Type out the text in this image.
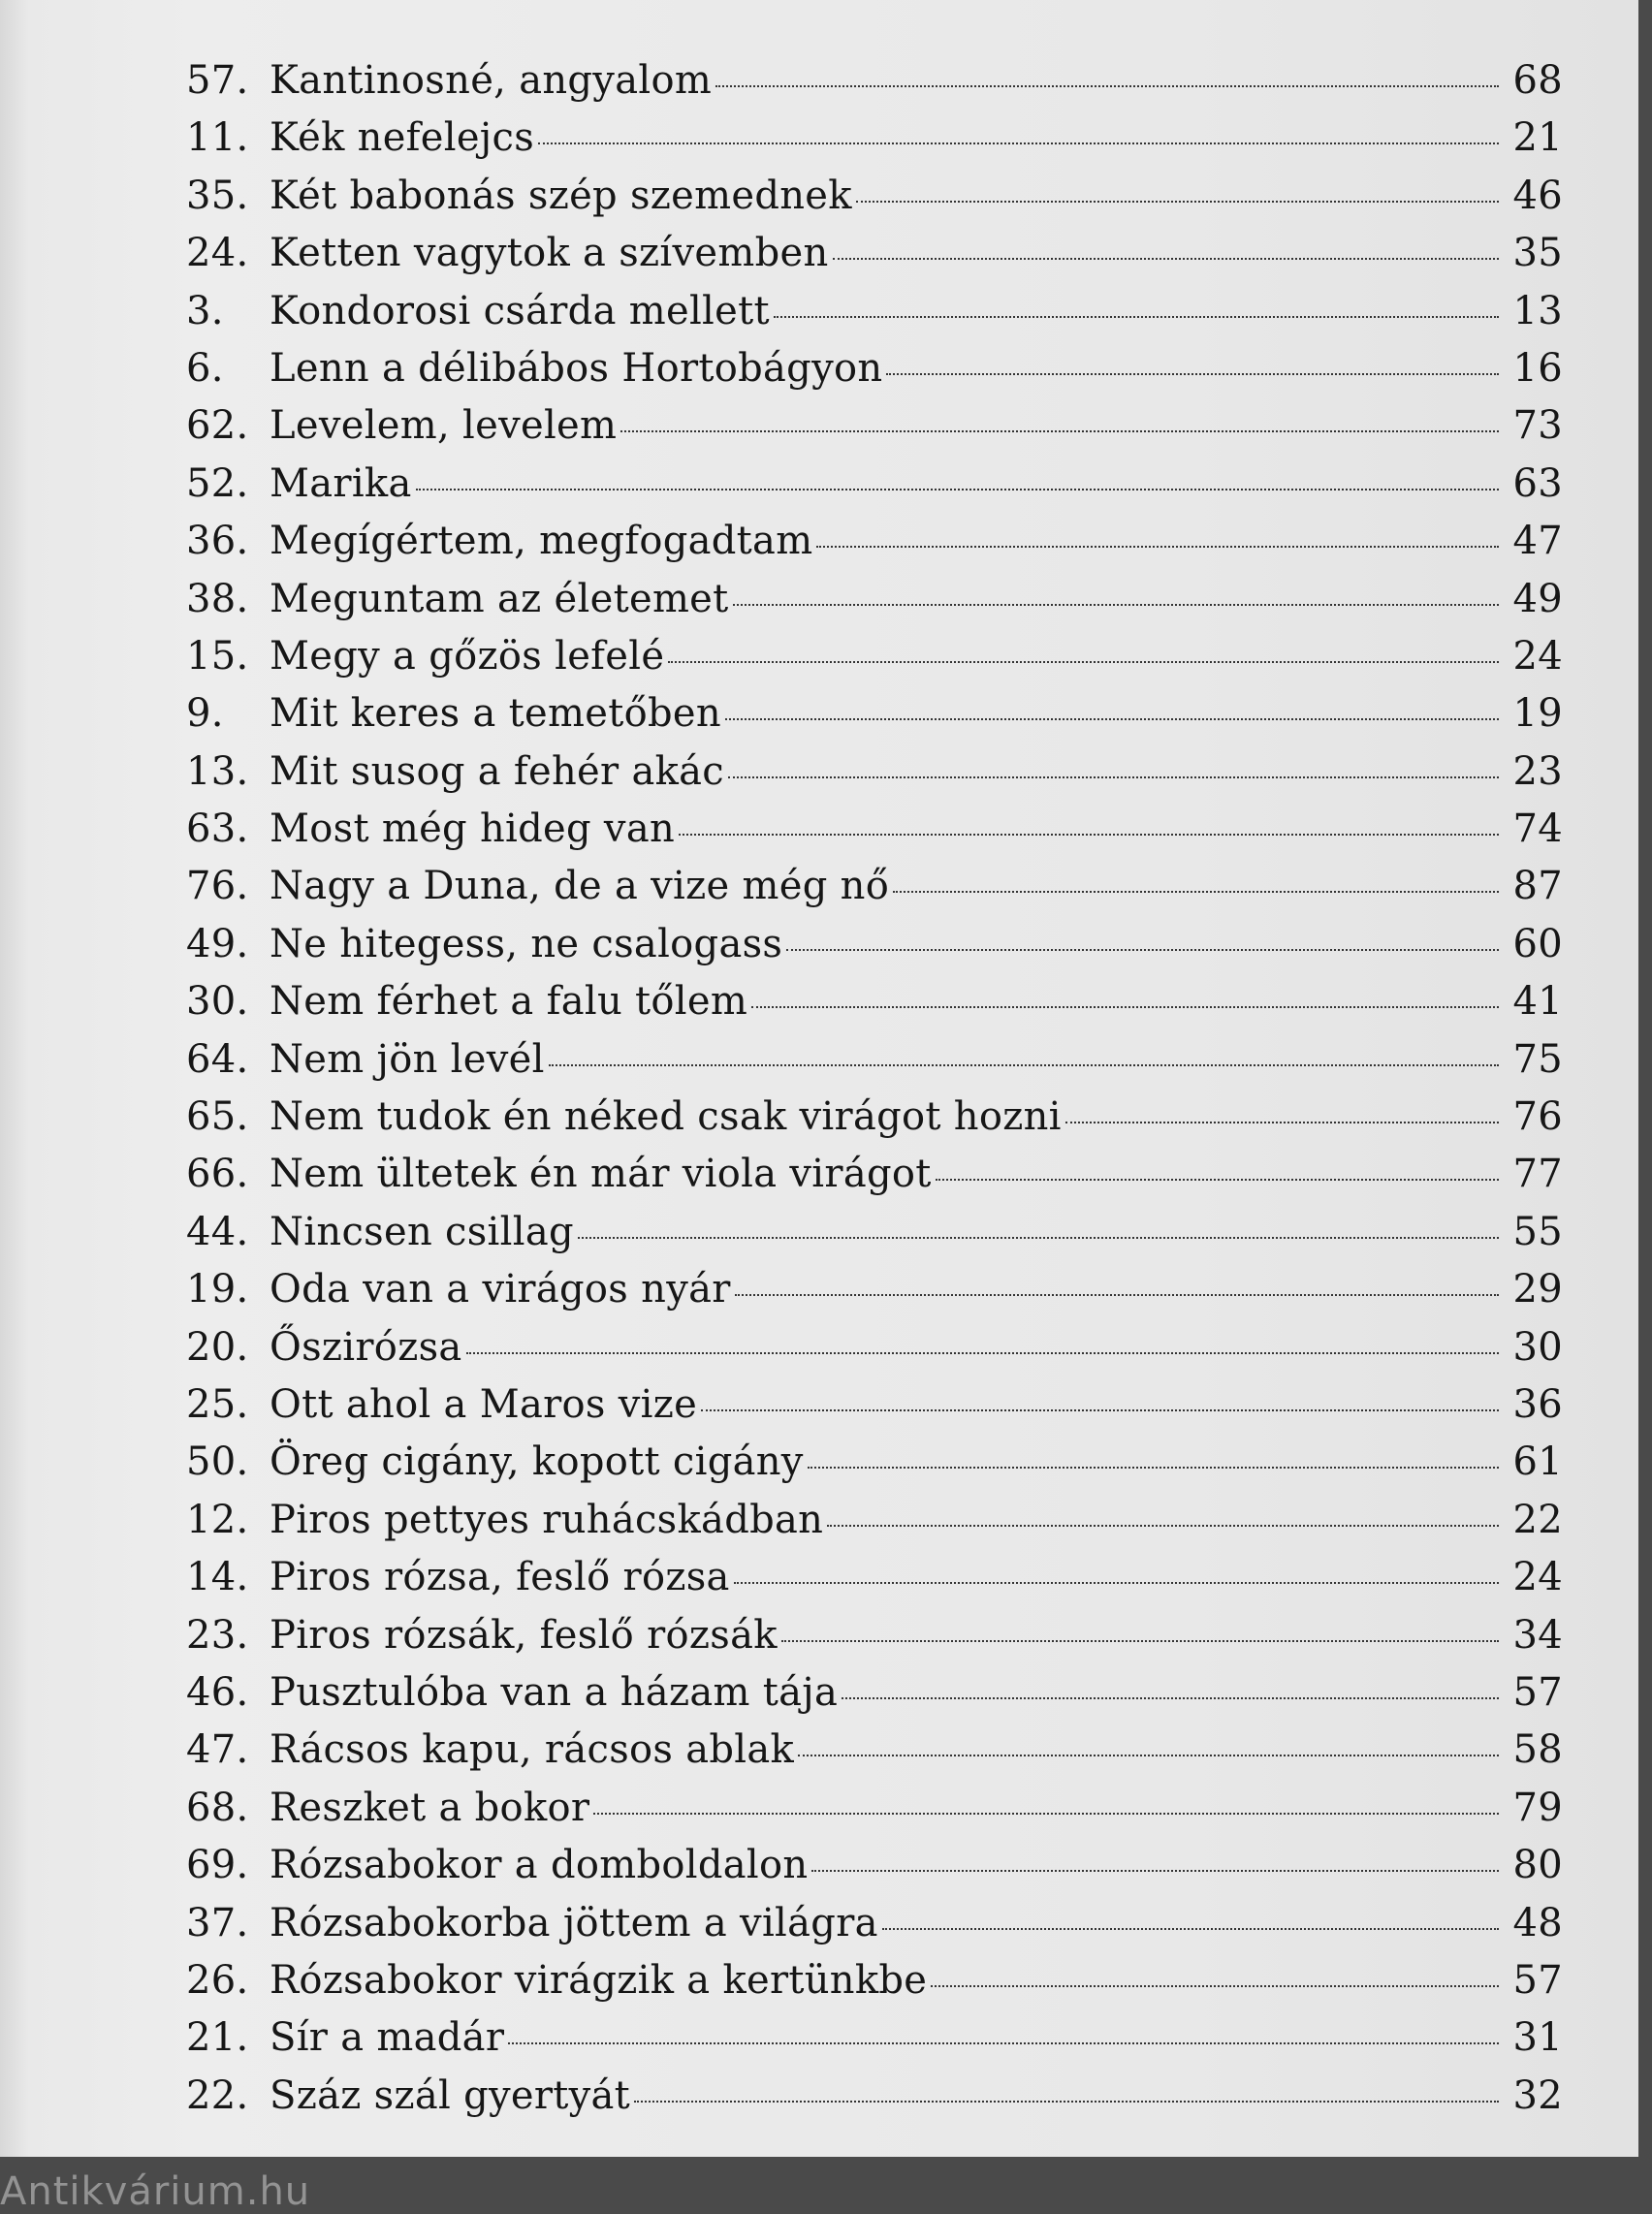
57. Kantinosné, angyalom	68
11. Kék nefelejcs	21
35. Két babonás szép szemednek	46
24. Ketten vagytok a szívemben	35
3.	Kondorosi csárda mellett	13
6.	Lenn a délibábos Hortobágyon	16
62. Levelem, levelem	73
52. Marika	63
36. Megígértem, megfogadtam	47
38. Meguntam az életemet	49
15. Megy a gőzös lefelé	24
9.	Mit keres a temetőben	19
13. Mit susog a fehér akác	23
63. Most még hideg van	74
76. Nagy a Duna, de a vize még nő	87
49. Ne hitegess, ne csalogass	60
30. Nem férhet a falu tőlem	41
64. Nem jön levél	75
65. Nem tudok én néked csak virágot hozni	76
66. Nem ültetek én már viola virágot	77
44. Nincsen csillag	55
19. Oda van a virágos nyár	29
20. Őszirózsa	30
25. Ott ahol a Maros vize	36
50. Öreg cigány, kopott cigány	61
12. Piros pettyes ruhácskádban	22
14. Piros rózsa, feslő rózsa	24
23. Piros rózsák, feslő rózsák	34
46. Pusztulóba van a házam tája	57
47. Rácsos kapu, rácsos ablak	58
68. Reszket a bokor	79
69. Rózsabokor a domboldalon	80
37. Rózsabokorba jöttem a világra	48
26. Rózsabokor virágzik a kertünkbe	57
21. Sír a madár	31
22. Száz szál gyertyát	32
Antikvárium.hu
